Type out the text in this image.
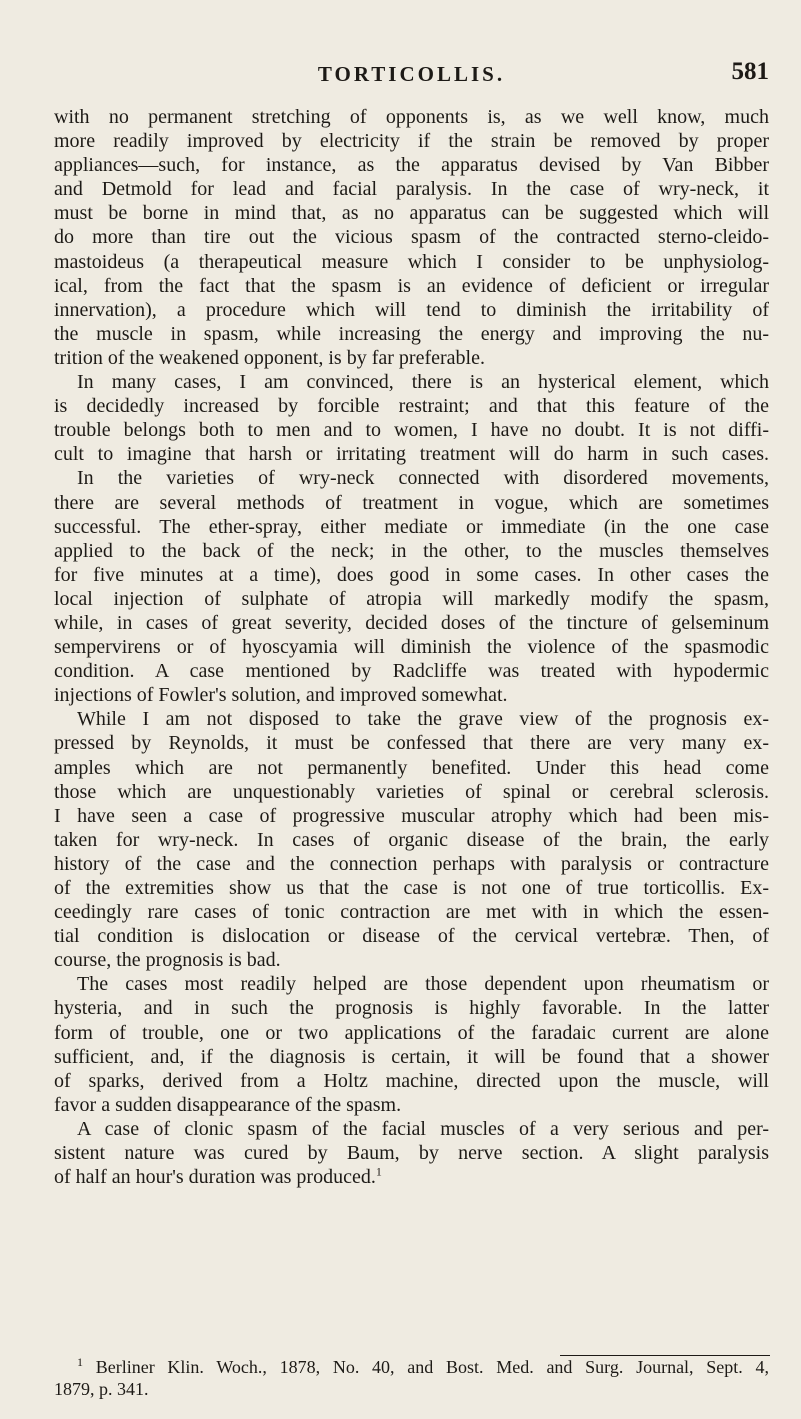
TORTICOLLIS.	581
with no permanent stretching of opponents is, as we well know, much
more readily improved by electricity if the strain be removed by proper
appliances—such, for instance, as the apparatus devised by Van Bibber
and Detmold for lead and facial paralysis. In the case of wry-neck, it
must be borne in mind that, as no apparatus can be suggested which will
do more than tire out the vicious spasm of the contracted sterno-cleido-
mastoideus (a therapeutical measure which I consider to be unphysiolog-
ical, from the fact that the spasm is an evidence of deficient or irregular
innervation), a procedure which will tend to diminish the irritability of
the muscle in spasm, while increasing the energy and improving the nu-
trition of the weakened opponent, is by far preferable.
In many cases, I am convinced, there is an hysterical element, which
is decidedly increased by forcible restraint; and that this feature of the
trouble belongs both to men and to women, I have no doubt. It is not diffi-
cult to imagine that harsh or irritating treatment will do harm in such cases.
In the varieties of wry-neck connected with disordered movements,
there are several methods of treatment in vogue, which are sometimes
successful. The ether-spray, either mediate or immediate (in the one case
applied to the back of the neck; in the other, to the muscles themselves
for five minutes at a time), does good in some cases. In other cases the
local injection of sulphate of atropia will markedly modify the spasm,
while, in cases of great severity, decided doses of the tincture of gelseminum
sempervirens or of hyoscyamia will diminish the violence of the spasmodic
condition. A case mentioned by Radcliffe was treated with hypodermic
injections of Fowler's solution, and improved somewhat.
While I am not disposed to take the grave view of the prognosis ex-
pressed by Reynolds, it must be confessed that there are very many ex-
amples which are not permanently benefited. Under this head come
those which are unquestionably varieties of spinal or cerebral sclerosis.
I have seen a case of progressive muscular atrophy which had been mis-
taken for wry-neck. In cases of organic disease of the brain, the early
history of the case and the connection perhaps with paralysis or contracture
of the extremities show us that the case is not one of true torticollis. Ex-
ceedingly rare cases of tonic contraction are met with in which the essen-
tial condition is dislocation or disease of the cervical vertebræ. Then, of
course, the prognosis is bad.
The cases most readily helped are those dependent upon rheumatism or
hysteria, and in such the prognosis is highly favorable. In the latter
form of trouble, one or two applications of the faradaic current are alone
sufficient, and, if the diagnosis is certain, it will be found that a shower
of sparks, derived from a Holtz machine, directed upon the muscle, will
favor a sudden disappearance of the spasm.
A case of clonic spasm of the facial muscles of a very serious and per-
sistent nature was cured by Baum, by nerve section. A slight paralysis
of half an hour's duration was produced.$^1$
$^1$ Berliner Klin. Woch., 1878, No. 40, and Bost. Med. and Surg. Journal, Sept. 4,
1879, p. 341.
